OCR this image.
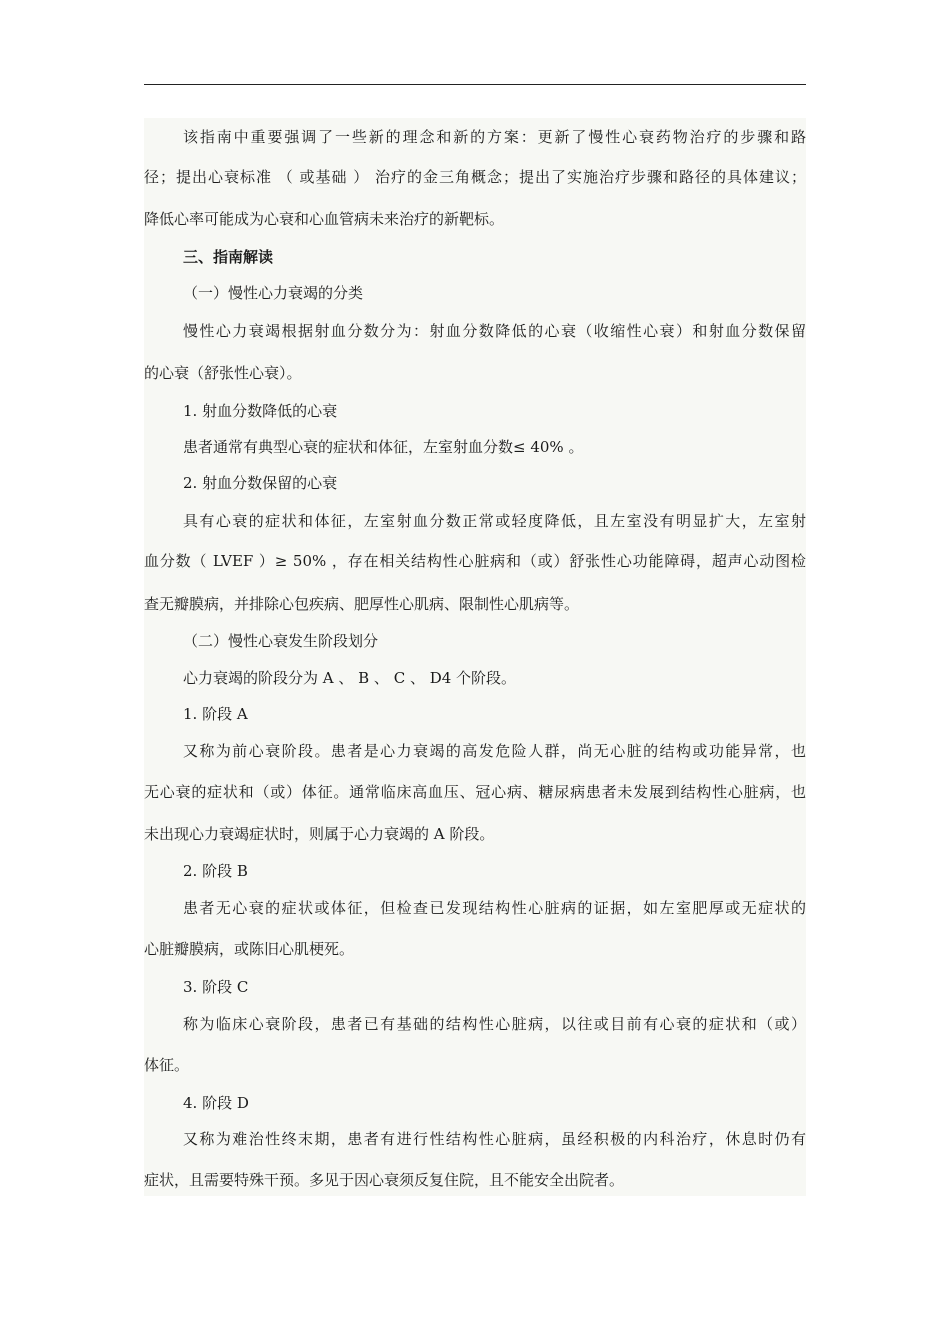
该指南中重要强调了一些新的理念和新的方案：更新了慢性心衰药物治疗的步骤和路
径；提出心衰标准 （ 或基础 ） 治疗的金三角概念；提出了实施治疗步骤和路径的具体建议；
降低心率可能成为心衰和心血管病未来治疗的新靶标。
三、指南解读
（一）慢性心力衰竭的分类
慢性心力衰竭根据射血分数分为：射血分数降低的心衰（收缩性心衰）和射血分数保留
的心衰（舒张性心衰）。
1. 射血分数降低的心衰
患者通常有典型心衰的症状和体征，左室射血分数≤ 40% 。
2. 射血分数保留的心衰
具有心衰的症状和体征，左室射血分数正常或轻度降低，且左室没有明显扩大，左室射
血分数（ LVEF ）≥ 50% ，存在相关结构性心脏病和（或）舒张性心功能障碍，超声心动图检
查无瓣膜病，并排除心包疾病、肥厚性心肌病、限制性心肌病等。
（二）慢性心衰发生阶段划分
心力衰竭的阶段分为 A 、 B 、 C 、 D4 个阶段。
1. 阶段 A
又称为前心衰阶段。患者是心力衰竭的高发危险人群，尚无心脏的结构或功能异常，也
无心衰的症状和（或）体征。通常临床高血压、冠心病、糖尿病患者未发展到结构性心脏病，也
未出现心力衰竭症状时，则属于心力衰竭的 A 阶段。
2. 阶段 B
患者无心衰的症状或体征，但检查已发现结构性心脏病的证据，如左室肥厚或无症状的
心脏瓣膜病，或陈旧心肌梗死。
3. 阶段 C
称为临床心衰阶段，患者已有基础的结构性心脏病，以往或目前有心衰的症状和（或）
体征。
4. 阶段 D
又称为难治性终末期，患者有进行性结构性心脏病，虽经积极的内科治疗，休息时仍有
症状，且需要特殊干预。多见于因心衰须反复住院，且不能安全出院者。
